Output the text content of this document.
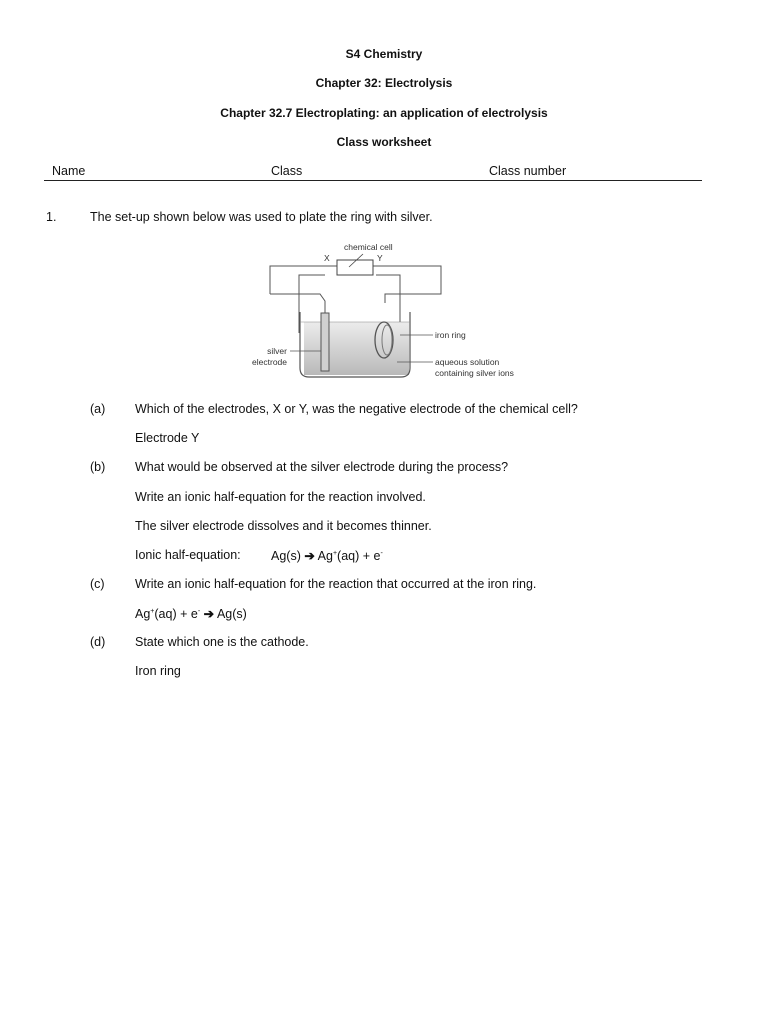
S4 Chemistry
Chapter 32: Electrolysis
Chapter 32.7 Electroplating: an application of electrolysis
Class worksheet
Name	Class	Class number
1.	The set-up shown below was used to plate the ring with silver.
chemical cell
X	Y
iron ring
silver
electrode	aqueous solution
containing silver ions
(a) Which of the electrodes, X or Y, was the negative electrode of the chemical cell?
Electrode Y
(b) What would be observed at the silver electrode during the process?
Write an ionic half-equation for the reaction involved.
The silver electrode dissolves and it becomes thinner.
Ionic half-equation: Ag(s) ➔ Ag+(aq) + e-
(c) Write an ionic half-equation for the reaction that occurred at the iron ring.
Ag+(aq) + e- ➔ Ag(s)
(d) State which one is the cathode.
Iron ring
